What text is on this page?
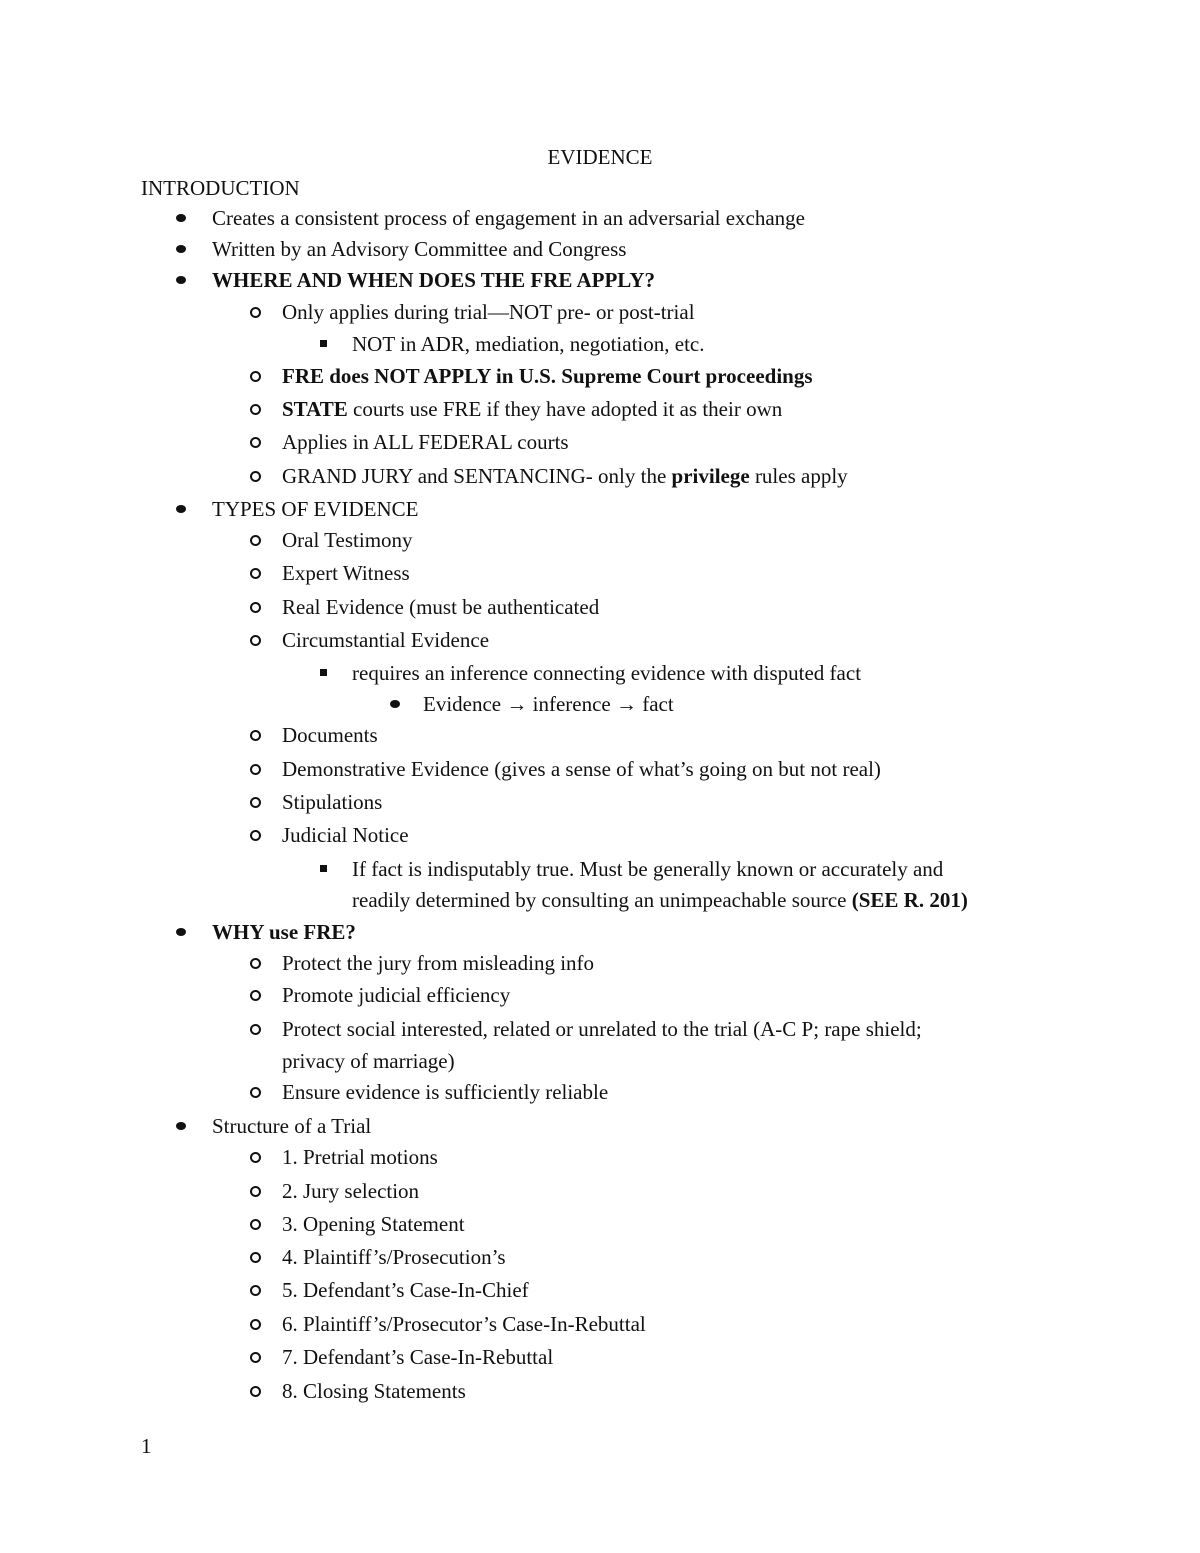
EVIDENCE
INTRODUCTION
Creates a consistent process of engagement in an adversarial exchange
Written by an Advisory Committee and Congress
WHERE AND WHEN DOES THE FRE APPLY?
Only applies during trial—NOT pre- or post-trial
NOT in ADR, mediation, negotiation, etc.
FRE does NOT APPLY in U.S. Supreme Court proceedings
STATE courts use FRE if they have adopted it as their own
Applies in ALL FEDERAL courts
GRAND JURY and SENTANCING- only the privilege rules apply
TYPES OF EVIDENCE
Oral Testimony
Expert Witness
Real Evidence (must be authenticated
Circumstantial Evidence
requires an inference connecting evidence with disputed fact
Evidence → inference → fact
Documents
Demonstrative Evidence (gives a sense of what’s going on but not real)
Stipulations
Judicial Notice
If fact is indisputably true. Must be generally known or accurately and
readily determined by consulting an unimpeachable source (SEE R. 201)
WHY use FRE?
Protect the jury from misleading info
Promote judicial efficiency
Protect social interested, related or unrelated to the trial (A-C P; rape shield;
privacy of marriage)
Ensure evidence is sufficiently reliable
Structure of a Trial
1. Pretrial motions
2. Jury selection
3. Opening Statement
4. Plaintiff’s/Prosecution’s
5. Defendant’s Case-In-Chief
6. Plaintiff’s/Prosecutor’s Case-In-Rebuttal
7. Defendant’s Case-In-Rebuttal
8. Closing Statements
1
